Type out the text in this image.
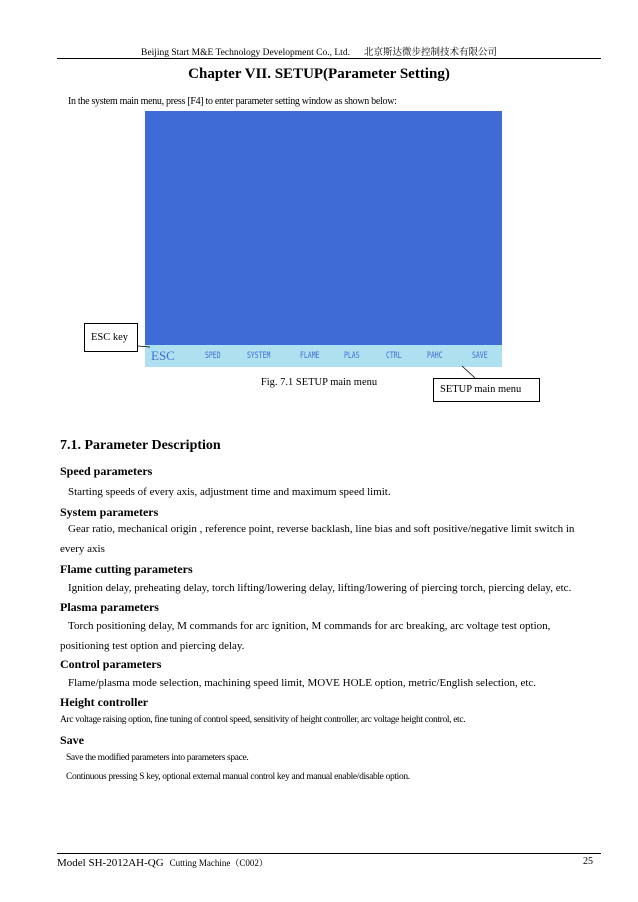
Beijing Start M&E Technology Development Co., Ltd. 北京斯达微步控制技术有限公司
Chapter VII. SETUP(Parameter Setting)
In the system main menu, press [F4] to enter parameter setting window as shown below:
ESC	SPED	SYSTEM	FLAME	PLAS	CTRL	PAHC	SAVE
ESC key
SETUP main menu
Fig. 7.1 SETUP main menu
7.1. Parameter Description
Speed parameters
Starting speeds of every axis, adjustment time and maximum speed limit.
System parameters
Gear ratio, mechanical origin , reference point, reverse backlash, line bias and soft positive/negative limit switch in
every axis
Flame cutting parameters
Ignition delay, preheating delay, torch lifting/lowering delay, lifting/lowering of piercing torch, piercing delay, etc.
Plasma parameters
Torch positioning delay, M commands for arc ignition, M commands for arc breaking, arc voltage test option,
positioning test option and piercing delay.
Control parameters
Flame/plasma mode selection, machining speed limit, MOVE HOLE option, metric/English selection, etc.
Height controller
Arc voltage raising option, fine tuning of control speed, sensitivity of height controller, arc voltage height control, etc.
Save
Save the modified parameters into parameters space.
Continuous pressing S key, optional external manual control key and manual enable/disable option.
Model SH-2012AH-QG Cutting Machine（C002）	25
